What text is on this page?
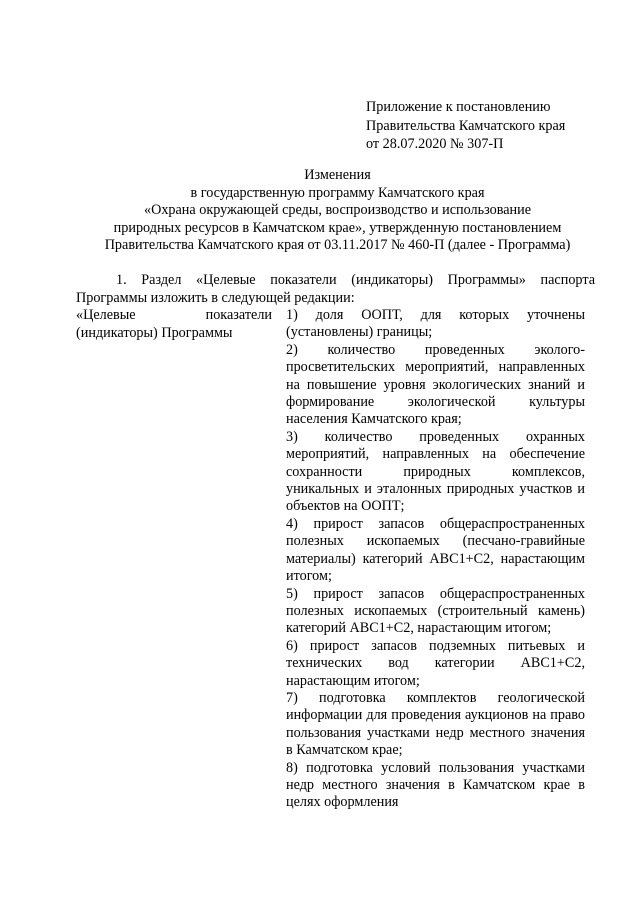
Приложение к постановлению
Правительства Камчатского края
от 28.07.2020 № 307-П
Изменения
в государственную программу Камчатского края
«Охрана окружающей среды, воспроизводство и использование
природных ресурсов в Камчатском крае», утвержденную постановлением
Правительства Камчатского края от 03.11.2017 № 460-П (далее - Программа)
1. Раздел «Целевые показатели (индикаторы) Программы» паспорта Программы изложить в следующей редакции:
«Целевые	показатели
(индикаторы) Программы
1) доля ООПТ, для которых уточнены (установлены) границы;
2) количество проведенных эколого-просветительских мероприятий, направленных на повышение уровня экологических знаний и формирование экологической культуры населения Камчатского края;
3) количество проведенных охранных мероприятий, направленных на обеспечение сохранности природных комплексов, уникальных и эталонных природных участков и объектов на ООПТ;
4) прирост запасов общераспространенных полезных ископаемых (песчано-гравийные материалы) категорий АВС1+С2, нарастающим итогом;
5) прирост запасов общераспространенных полезных ископаемых (строительный камень) категорий АВС1+С2, нарастающим итогом;
6) прирост запасов подземных питьевых и технических вод категории АВС1+С2, нарастающим итогом;
7) подготовка комплектов геологической информации для проведения аукционов на право пользования участками недр местного значения в Камчатском крае;
8) подготовка условий пользования участками недр местного значения в Камчатском крае в целях оформления
